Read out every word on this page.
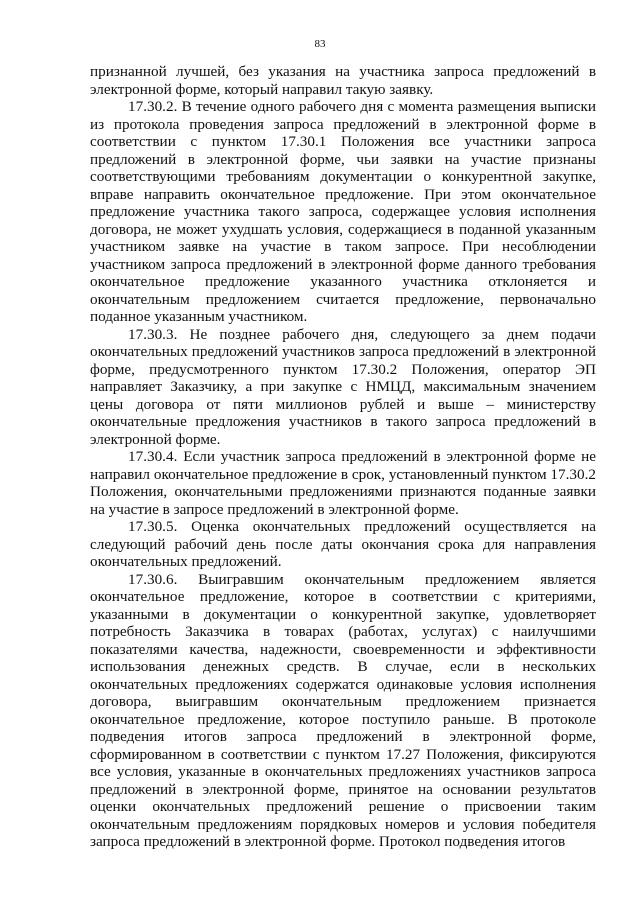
83

признанной лучшей, без указания на участника запроса предложений в электронной форме, который направил такую заявку.

17.30.2. В течение одного рабочего дня с момента размещения выписки из протокола проведения запроса предложений в электронной форме в соответствии с пунктом 17.30.1 Положения все участники запроса предложений в электронной форме, чьи заявки на участие признаны соответствующими требованиям документации о конкурентной закупке, вправе направить окончательное предложение. При этом окончательное предложение участника такого запроса, содержащее условия исполнения договора, не может ухудшать условия, содержащиеся в поданной указанным участником заявке на участие в таком запросе. При несоблюдении участником запроса предложений в электронной форме данного требования окончательное предложение указанного участника отклоняется и окончательным предложением считается предложение, первоначально поданное указанным участником.

17.30.3. Не позднее рабочего дня, следующего за днем подачи окончательных предложений участников запроса предложений в электронной форме, предусмотренного пунктом 17.30.2 Положения, оператор ЭП направляет Заказчику, а при закупке с НМЦД, максимальным значением цены договора от пяти миллионов рублей и выше – министерству окончательные предложения участников в такого запроса предложений в электронной форме.

17.30.4. Если участник запроса предложений в электронной форме не направил окончательное предложение в срок, установленный пунктом 17.30.2 Положения, окончательными предложениями признаются поданные заявки на участие в запросе предложений в электронной форме.

17.30.5. Оценка окончательных предложений осуществляется на следующий рабочий день после даты окончания срока для направления окончательных предложений.

17.30.6. Выигравшим окончательным предложением является окончательное предложение, которое в соответствии с критериями, указанными в документации о конкурентной закупке, удовлетворяет потребность Заказчика в товарах (работах, услугах) с наилучшими показателями качества, надежности, своевременности и эффективности использования денежных средств. В случае, если в нескольких окончательных предложениях содержатся одинаковые условия исполнения договора, выигравшим окончательным предложением признается окончательное предложение, которое поступило раньше. В протоколе подведения итогов запроса предложений в электронной форме, сформированном в соответствии с пунктом 17.27 Положения, фиксируются все условия, указанные в окончательных предложениях участников запроса предложений в электронной форме, принятое на основании результатов оценки окончательных предложений решение о присвоении таким окончательным предложениям порядковых номеров и условия победителя запроса предложений в электронной форме. Протокол подведения итогов
